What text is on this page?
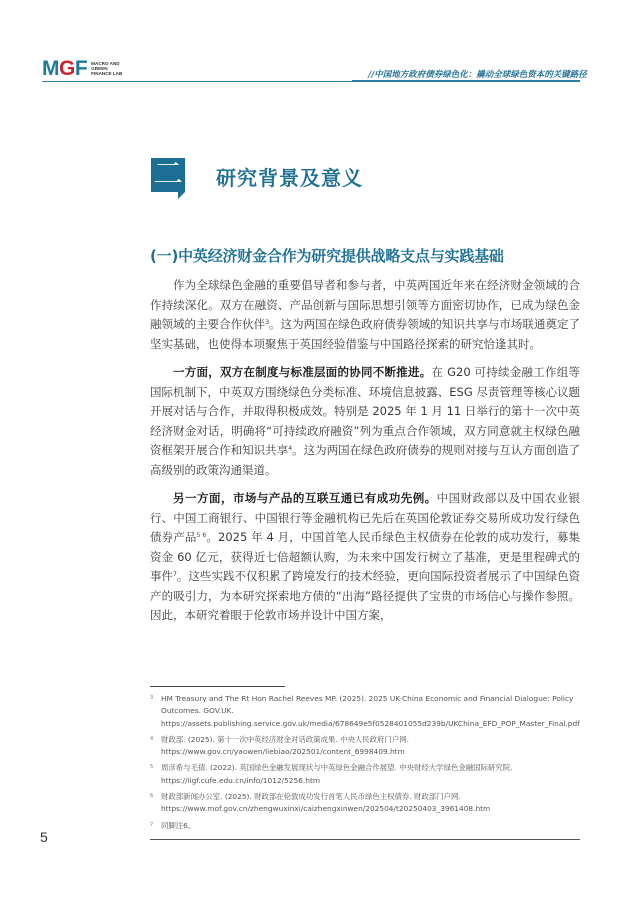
MGF MACRO AND
GREEN
FINANCE LAB	//中国地方政府债券绿色化：撬动全球绿色资本的关键路径
二 研究背景及意义
(一)中英经济财金合作为研究提供战略支点与实践基础

作为全球绿色金融的重要倡导者和参与者，中英两国近年来在经济财金领域的合作持续深化。双方在融资、产品创新与国际思想引领等方面密切协作，已成为绿色金融领域的主要合作伙伴$^3$。这为两国在绿色政府债券领域的知识共享与市场联通奠定了坚实基础，也使得本项聚焦于英国经验借鉴与中国路径探索的研究恰逢其时。

一方面，双方在制度与标准层面的协同不断推进。在 G20 可持续金融工作组等国际机制下，中英双方围绕绿色分类标准、环境信息披露、ESG 尽责管理等核心议题开展对话与合作，并取得积极成效。特别是 2025 年 1 月 11 日举行的第十一次中英经济财金对话，明确将“可持续政府融资”列为重点合作领域，双方同意就主权绿色融资框架开展合作和知识共享$^4$。这为两国在绿色政府债券的规则对接与互认方面创造了高级别的政策沟通渠道。

另一方面，市场与产品的互联互通已有成功先例。中国财政部以及中国农业银行、中国工商银行、中国银行等金融机构已先后在英国伦敦证券交易所成功发行绿色债券产品$^{5 6}$。2025 年 4 月，中国首笔人民币绿色主权债券在伦敦的成功发行，募集资金 60 亿元，获得近七倍超额认购，为未来中国发行树立了基准，更是里程碑式的事件$^7$。这些实践不仅积累了跨境发行的技术经验，更向国际投资者展示了中国绿色资产的吸引力，为本研究探索地方债的“出海”路径提供了宝贵的市场信心与操作参照。因此，本研究着眼于伦敦市场并设计中国方案，

3 HM Treasury and The Rt Hon Rachel Reeves MP. (2025). 2025 UK-China Economic and Financial Dialogue: Policy Outcomes. GOV.UK. https://assets.publishing.service.gov.uk/media/678649e5f0528401055d239b/UKChina_EFD_POP_Master_Final.pdf
4 财政部. (2025). 第十一次中英经济财金对话政策成果. 中央人民政府门户网. https://www.gov.cn/yaowen/liebiao/202501/content_6998409.htm
5 周彦希与毛倩. (2022). 英国绿色金融发展现状与中英绿色金融合作展望. 中央财经大学绿色金融国际研究院. https://iigf.cufe.edu.cn/info/1012/5256.htm
6 财政部新闻办公室. (2025). 财政部在伦敦成功发行首笔人民币绿色主权债券. 财政部门户网. https://www.mof.gov.cn/zhengwuxinxi/caizhengxinwen/202504/t20250403_3961408.htm
7 同脚注6。
5
